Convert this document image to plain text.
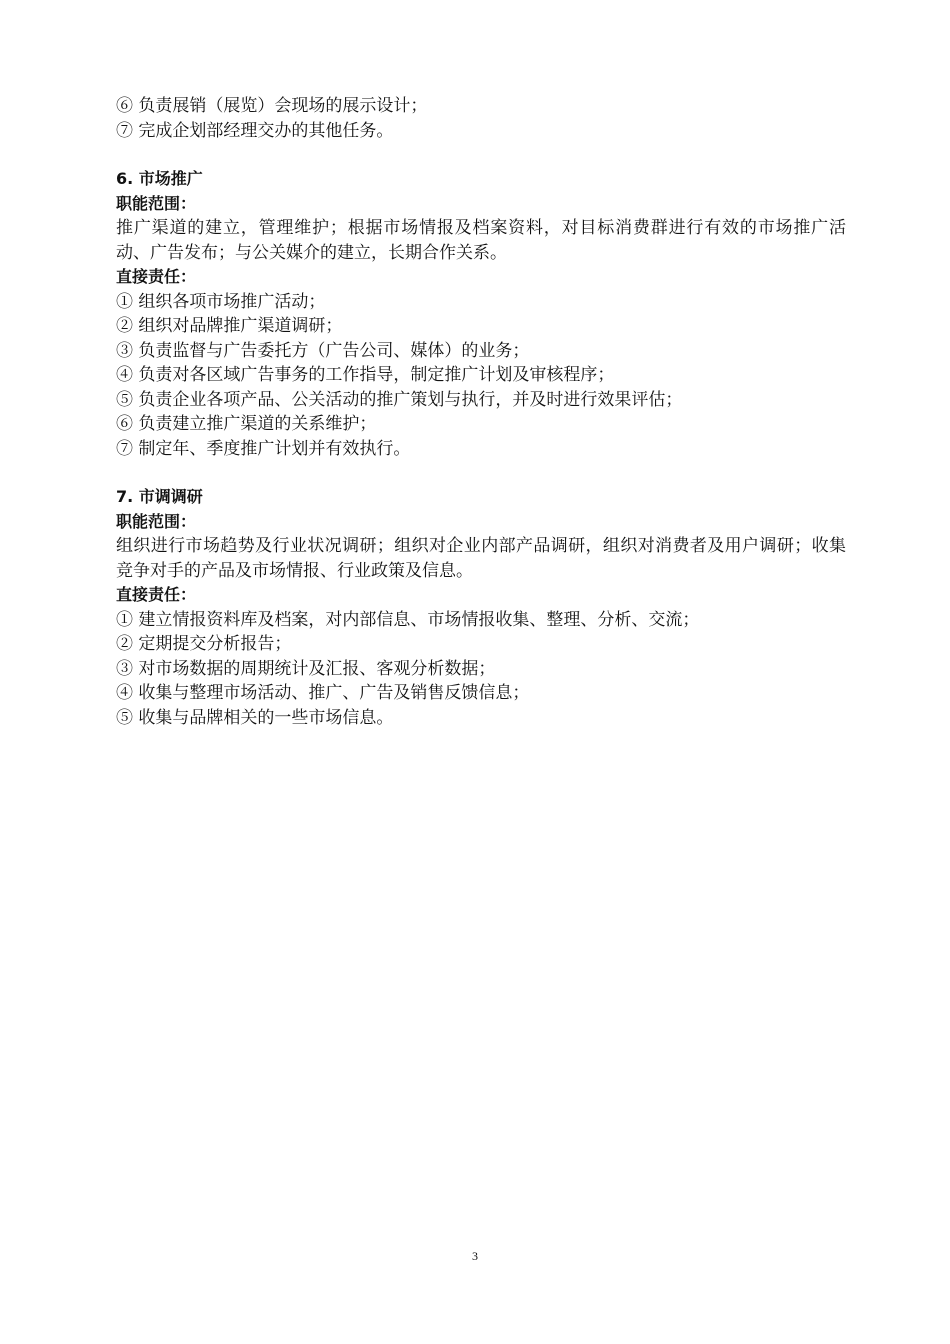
⑥ 负责展销（展览）会现场的展示设计；
⑦ 完成企划部经理交办的其他任务。
6. 市场推广
职能范围：
推广渠道的建立，管理维护；根据市场情报及档案资料，对目标消费群进行有效的市场推广活动、广告发布；与公关媒介的建立，长期合作关系。
直接责任：
① 组织各项市场推广活动；
② 组织对品牌推广渠道调研；
③ 负责监督与广告委托方（广告公司、媒体）的业务；
④ 负责对各区域广告事务的工作指导，制定推广计划及审核程序；
⑤ 负责企业各项产品、公关活动的推广策划与执行，并及时进行效果评估；
⑥ 负责建立推广渠道的关系维护；
⑦ 制定年、季度推广计划并有效执行。
7. 市调调研
职能范围：
组织进行市场趋势及行业状况调研；组织对企业内部产品调研，组织对消费者及用户调研；收集竞争对手的产品及市场情报、行业政策及信息。
直接责任：
① 建立情报资料库及档案，对内部信息、市场情报收集、整理、分析、交流；
② 定期提交分析报告；
③ 对市场数据的周期统计及汇报、客观分析数据；
④ 收集与整理市场活动、推广、广告及销售反馈信息；
⑤ 收集与品牌相关的一些市场信息。
3
